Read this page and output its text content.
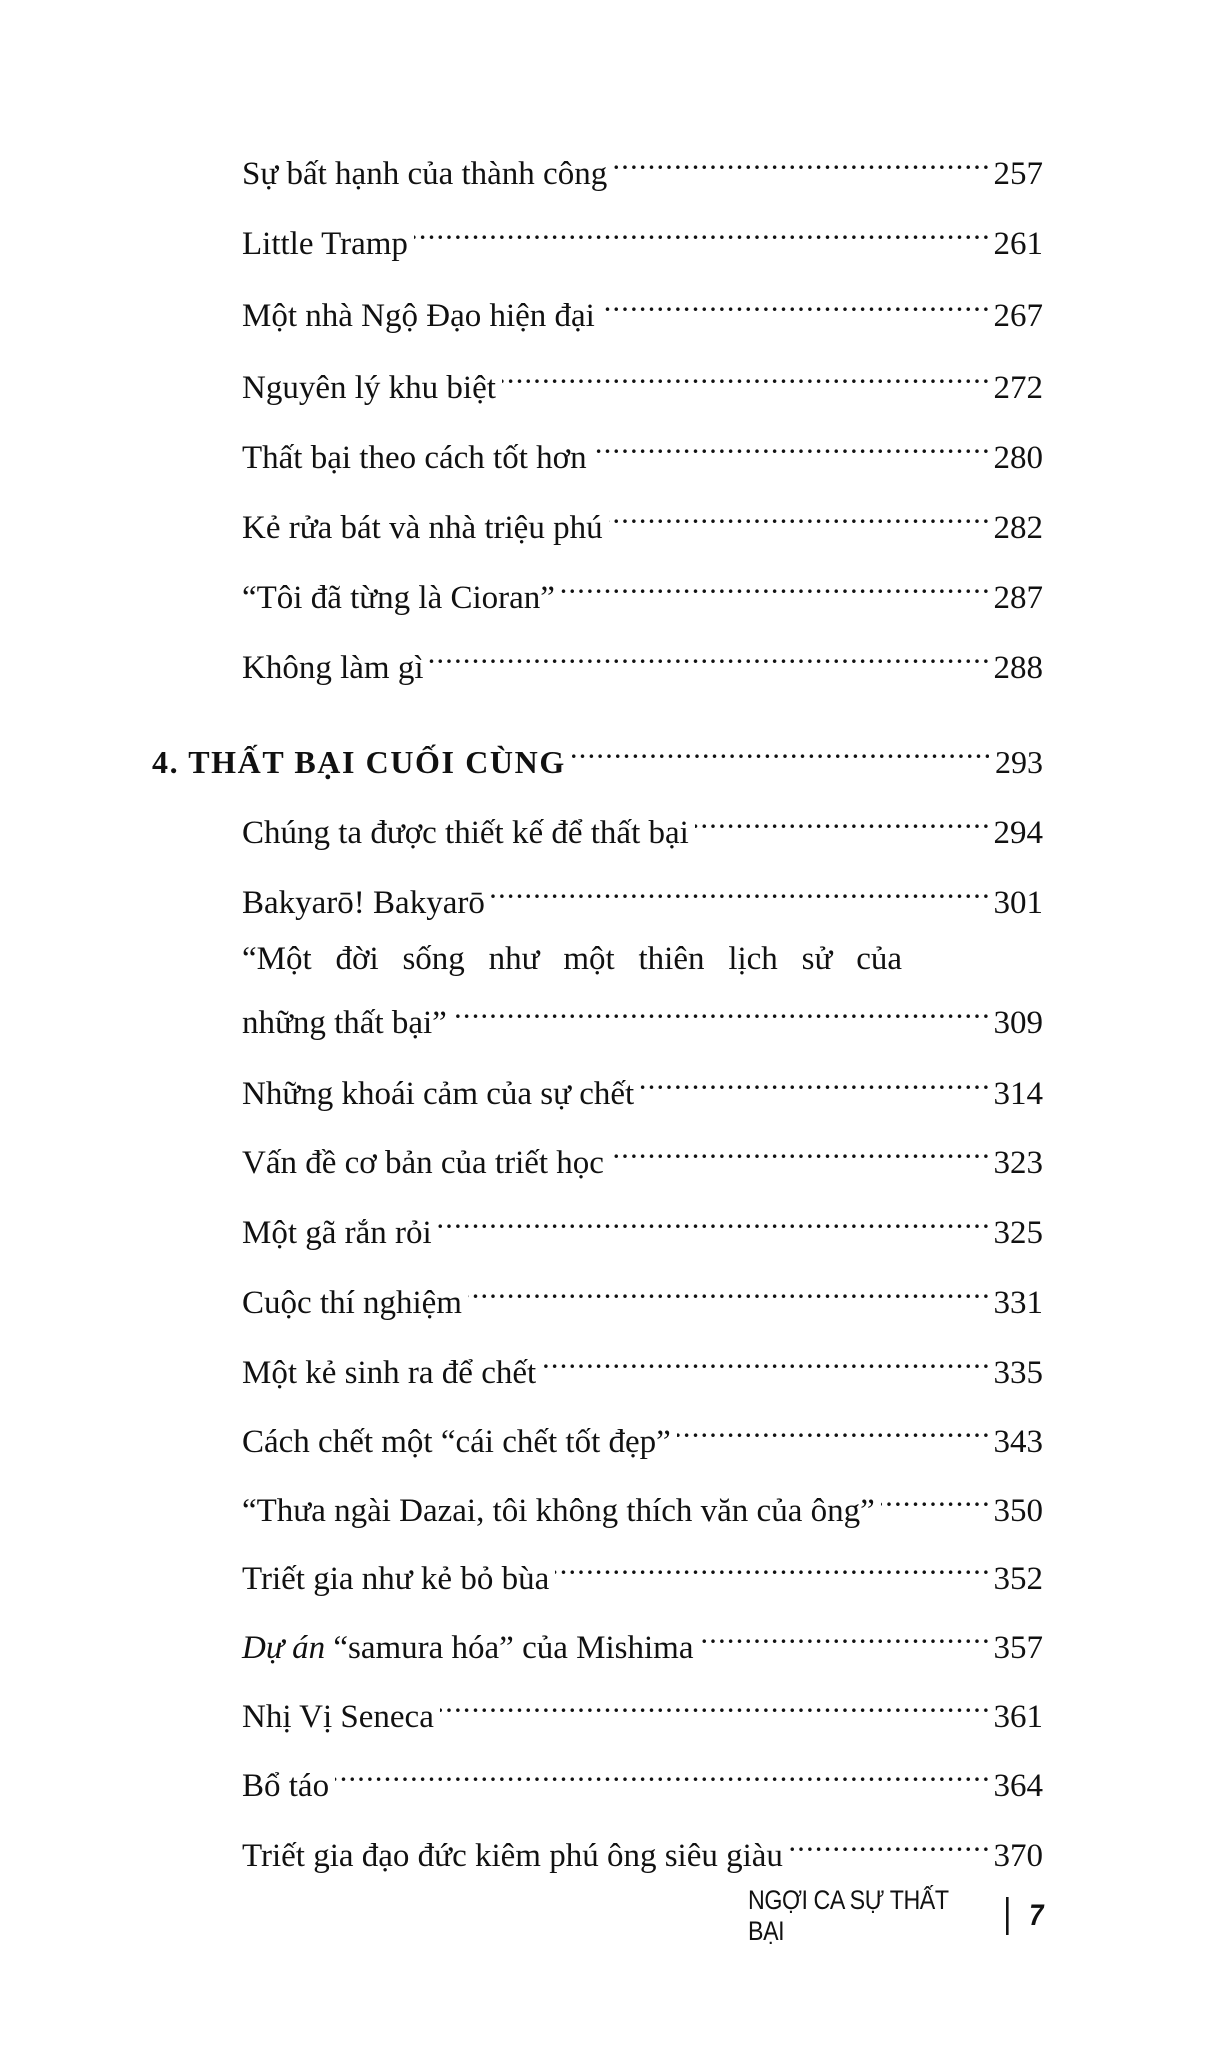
Sự bất hạnh của thành công . . .	257
Little Tramp . . .	261
Một nhà Ngộ Đạo hiện đại . . .	267
Nguyên lý khu biệt . . .	272
Thất bại theo cách tốt hơn . . .	280
Kẻ rửa bát và nhà triệu phú . . .	282
“Tôi đã từng là Cioran” . . .	287
Không làm gì . . .	288
4. THẤT BẠI CUỐI CÙNG . . .	293
Chúng ta được thiết kế để thất bại . . .	294
Bakyarō! Bakyarō . . .	301
“Một đời sống như một thiên lịch sử của
những thất bại” . . .	309
Những khoái cảm của sự chết . . .	314
Vấn đề cơ bản của triết học . . .	323
Một gã rắn rỏi . . .	325
Cuộc thí nghiệm . . .	331
Một kẻ sinh ra để chết . . .	335
Cách chết một “cái chết tốt đẹp” . . .	343
“Thưa ngài Dazai, tôi không thích văn của ông” . . .	350
Triết gia như kẻ bỏ bùa . . .	352
Dự án “samura hóa” của Mishima . . .	357
Nhị Vị Seneca . . .	361
Bổ táo . . .	364
Triết gia đạo đức kiêm phú ông siêu giàu . . .	370
NGỢI CA SỰ THẤT BẠI	7
